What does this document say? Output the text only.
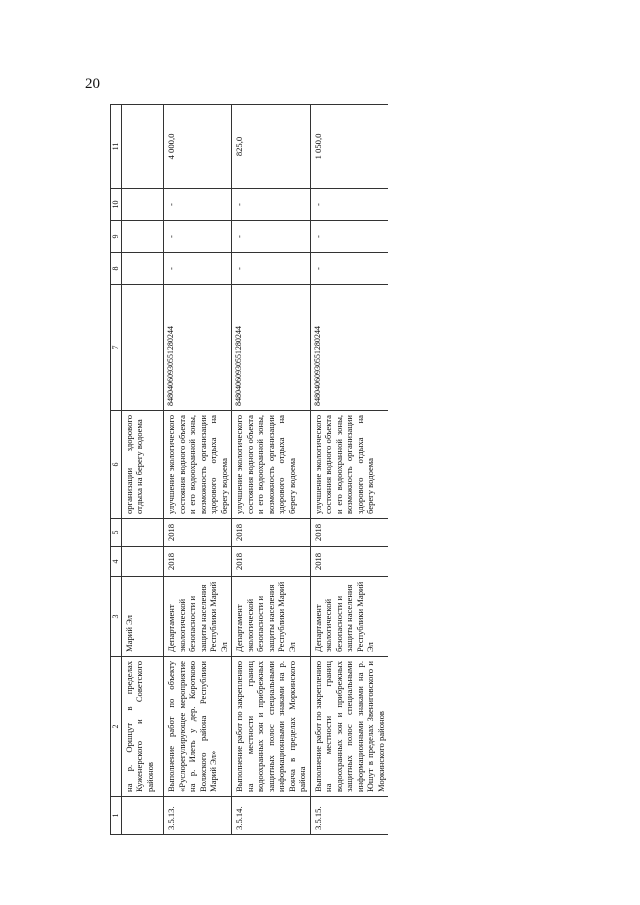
20
1	2	3	4	5	6	7	8	9	10	11
	на р. Оршцут в пределах Куженерского и Советского районов	Марий Эл			организации здорового отдыха на берегу водоема					
3.5.13.	Выполнение работ по объекту «Руслорегулирующее мероприятие на р. Илеть у дер. Коротково Волжского района Республики Марий Эл»	Департамент экологической безопасности и защиты населения Республики Марий Эл	2018	2018	улучшение экологического состояния водного объекта и его водоохранной зоны, возможность организации здорового отдыха на берегу водоема	84804060930551280244	-	-	-	4 000,0
3.5.14.	Выполнение работ по закреплению на местности границ водоохранных зон и прибрежных защитных полос специальными информационными знаками на р. Вонча в пределах Моркинского района	Департамент экологической безопасности и защиты населения Республики Марий Эл	2018	2018	улучшение экологического состояния водного объекта и его водоохранной зоны, возможность организации здорового отдыха на берегу водоема	84804060930551280244	-	-	-	825,0
3.5.15.	Выполнение работ по закреплению на местности границ водоохранных зон и прибрежных защитных полос специальными информационными знаками на р. Юшут в пределах Звениговского и Моркинского районов	Департамент экологической безопасности и защиты населения Республики Марий Эл	2018	2018	улучшение экологического состояния водного объекта и его водоохранной зоны, возможность организации здорового отдыха на берегу водоема	84804060930551280244	-	-	-	1 050,0
